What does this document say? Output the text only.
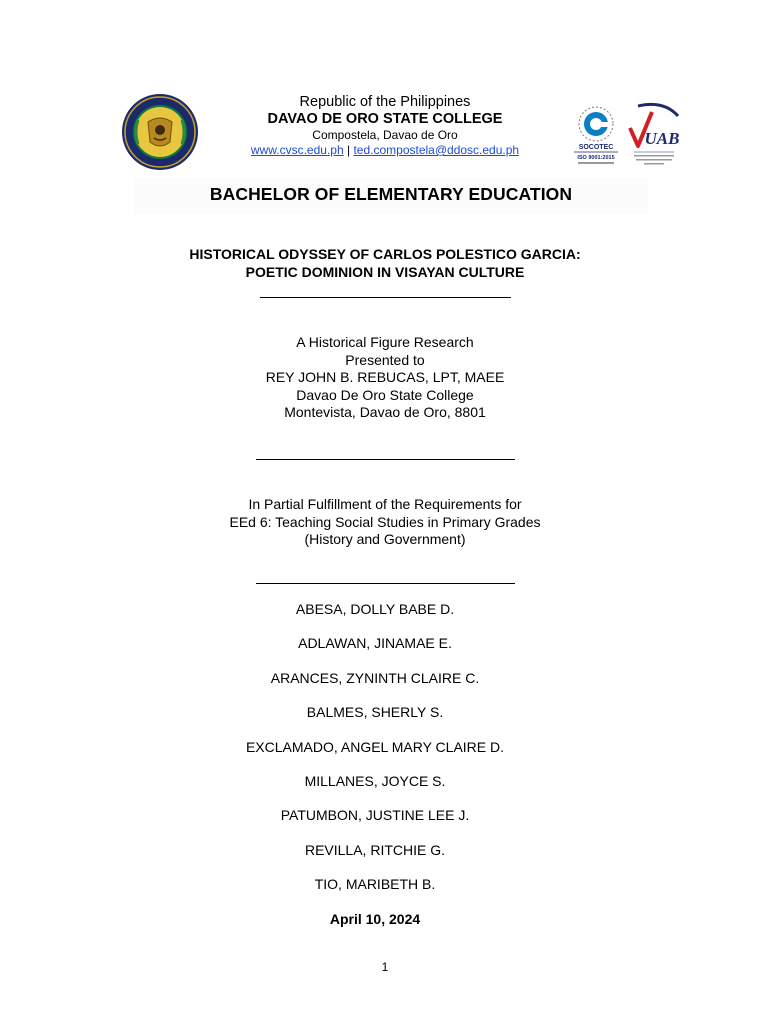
Republic of the Philippines
DAVAO DE ORO STATE COLLEGE
Compostela, Davao de Oro
www.cvsc.edu.ph | ted.compostela@ddosc.edu.ph	SOCOTEC
ISO 9001:2015
UAB
BACHELOR OF ELEMENTARY EDUCATION
HISTORICAL ODYSSEY OF CARLOS POLESTICO GARCIA:
POETIC DOMINION IN VISAYAN CULTURE
A Historical Figure Research
Presented to
REY JOHN B. REBUCAS, LPT, MAEE
Davao De Oro State College
Montevista, Davao de Oro, 8801
In Partial Fulfillment of the Requirements for
EEd 6: Teaching Social Studies in Primary Grades
(History and Government)
ABESA, DOLLY BABE D.
ADLAWAN, JINAMAE E.
ARANCES, ZYNINTH CLAIRE C.
BALMES, SHERLY S.
EXCLAMADO, ANGEL MARY CLAIRE D.
MILLANES, JOYCE S.
PATUMBON, JUSTINE LEE J.
REVILLA, RITCHIE G.
TIO, MARIBETH B.
April 10, 2024
1
